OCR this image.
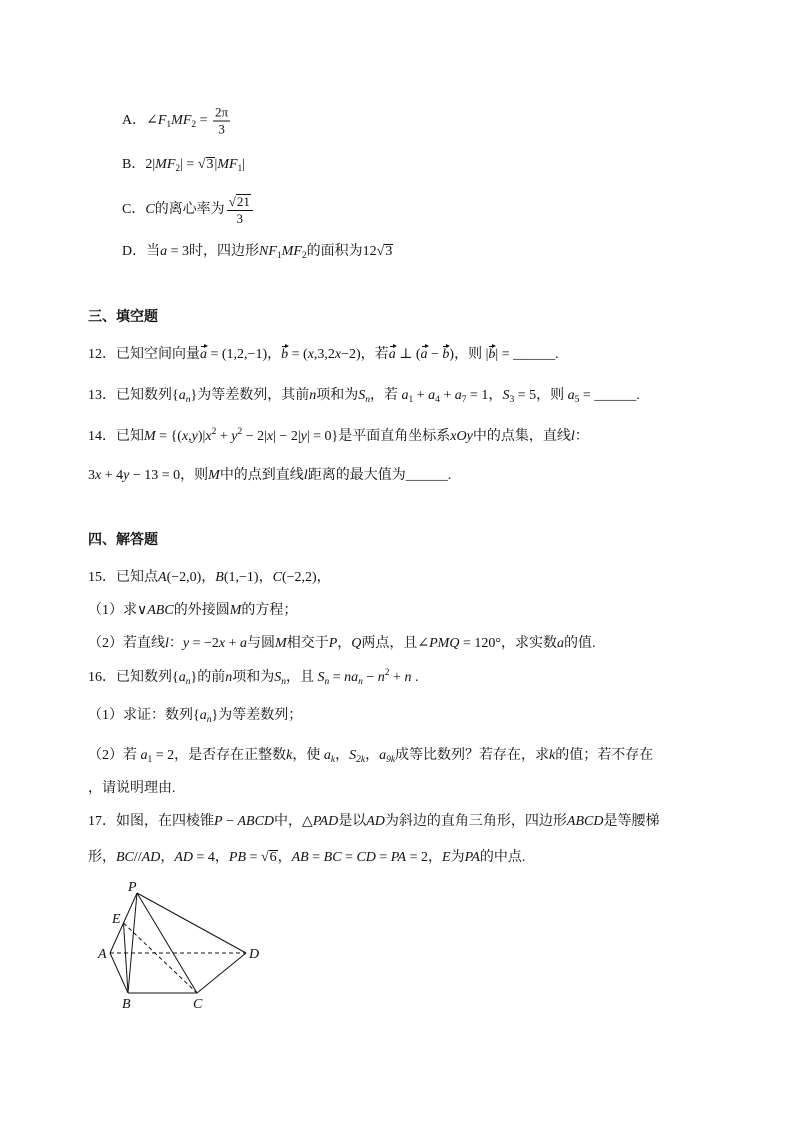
A．$\angle F_1MF_2 = \frac{2\pi}{3}$
B．$2|MF_2| = √3|MF_1|$
C．C的离心率为 $\frac{√21}{3}$
D．当a = 3时，四边形$NF_1MF_2$的面积为12√3
三、填空题
12．已知空间向量a = (1,2,−1)，b = (x,3,2x−2)，若a ⊥ (a − b)，则 |b| = ______.
13．已知数列$\{a_n\}$为等差数列，其前n项和为$S_n$，若 $a_1 + a_4 + a_7 = 1$，$S_3 = 5$，则 $a_5$ = ______.
14．已知$M = \{(x,y)|x^2 + y^2 - 2|x| - 2|y| = 0\}$是平面直角坐标系xOy中的点集，直线l：
3x + 4y − 13 = 0，则M中的点到直线l距离的最大值为______.
四、解答题
15．已知点A(−2,0)，B(1,−1)，C(−2,2)，
（1）求∨ABC的外接圆M的方程；
（2）若直线l：y = −2x + a与圆M相交于P，Q两点，且∠PMQ = 120°，求实数a的值.
16．已知数列$\{a_n\}$的前n项和为$S_n$，且 $S_n = na_n - n^2 + n$ .
（1）求证：数列$\{a_n\}$为等差数列；
（2）若 $a_1 = 2$，是否存在正整数k，使 $a_k$，$S_{2k}$，$a_{9k}$成等比数列？若存在，求k的值；若不存在
，请说明理由.
17．如图，在四棱锥P − ABCD中，△PAD是以AD为斜边的直角三角形，四边形ABCD是等腰梯
形，BC//AD，AD = 4，PB = √6，AB = BC = CD = PA = 2，E为PA的中点.
P
E
A	D
B	C
